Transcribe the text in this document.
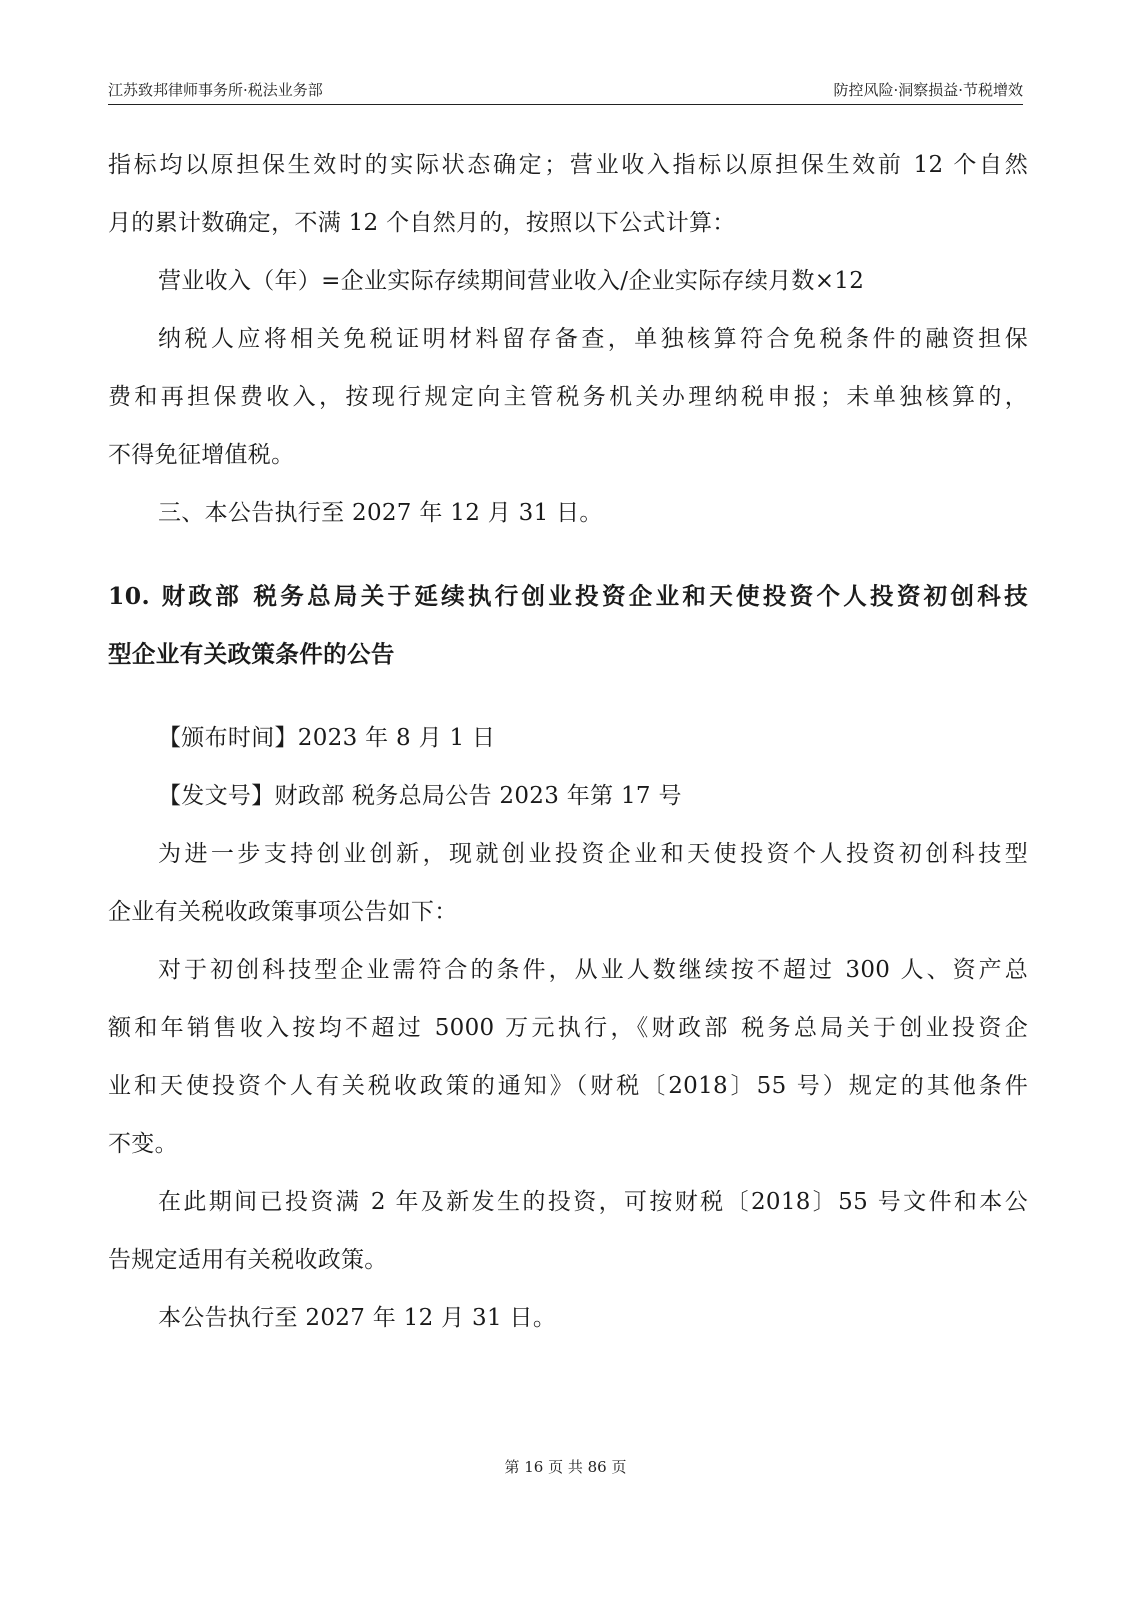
江苏致邦律师事务所·税法业务部	防控风险·洞察损益·节税增效
指标均以原担保生效时的实际状态确定；营业收入指标以原担保生效前 12 个自然
月的累计数确定，不满 12 个自然月的，按照以下公式计算：
营业收入（年）=企业实际存续期间营业收入/企业实际存续月数×12
纳税人应将相关免税证明材料留存备查，单独核算符合免税条件的融资担保
费和再担保费收入，按现行规定向主管税务机关办理纳税申报；未单独核算的，
不得免征增值税。
三、本公告执行至 2027 年 12 月 31 日。
10. 财政部 税务总局关于延续执行创业投资企业和天使投资个人投资初创科技
型企业有关政策条件的公告
【颁布时间】2023 年 8 月 1 日
【发文号】财政部 税务总局公告 2023 年第 17 号
为进一步支持创业创新，现就创业投资企业和天使投资个人投资初创科技型
企业有关税收政策事项公告如下：
对于初创科技型企业需符合的条件，从业人数继续按不超过 300 人、资产总
额和年销售收入按均不超过 5000 万元执行，《财政部 税务总局关于创业投资企
业和天使投资个人有关税收政策的通知》（财税〔2018〕55 号）规定的其他条件
不变。
在此期间已投资满 2 年及新发生的投资，可按财税〔2018〕55 号文件和本公
告规定适用有关税收政策。
本公告执行至 2027 年 12 月 31 日。
第 16 页 共 86 页
